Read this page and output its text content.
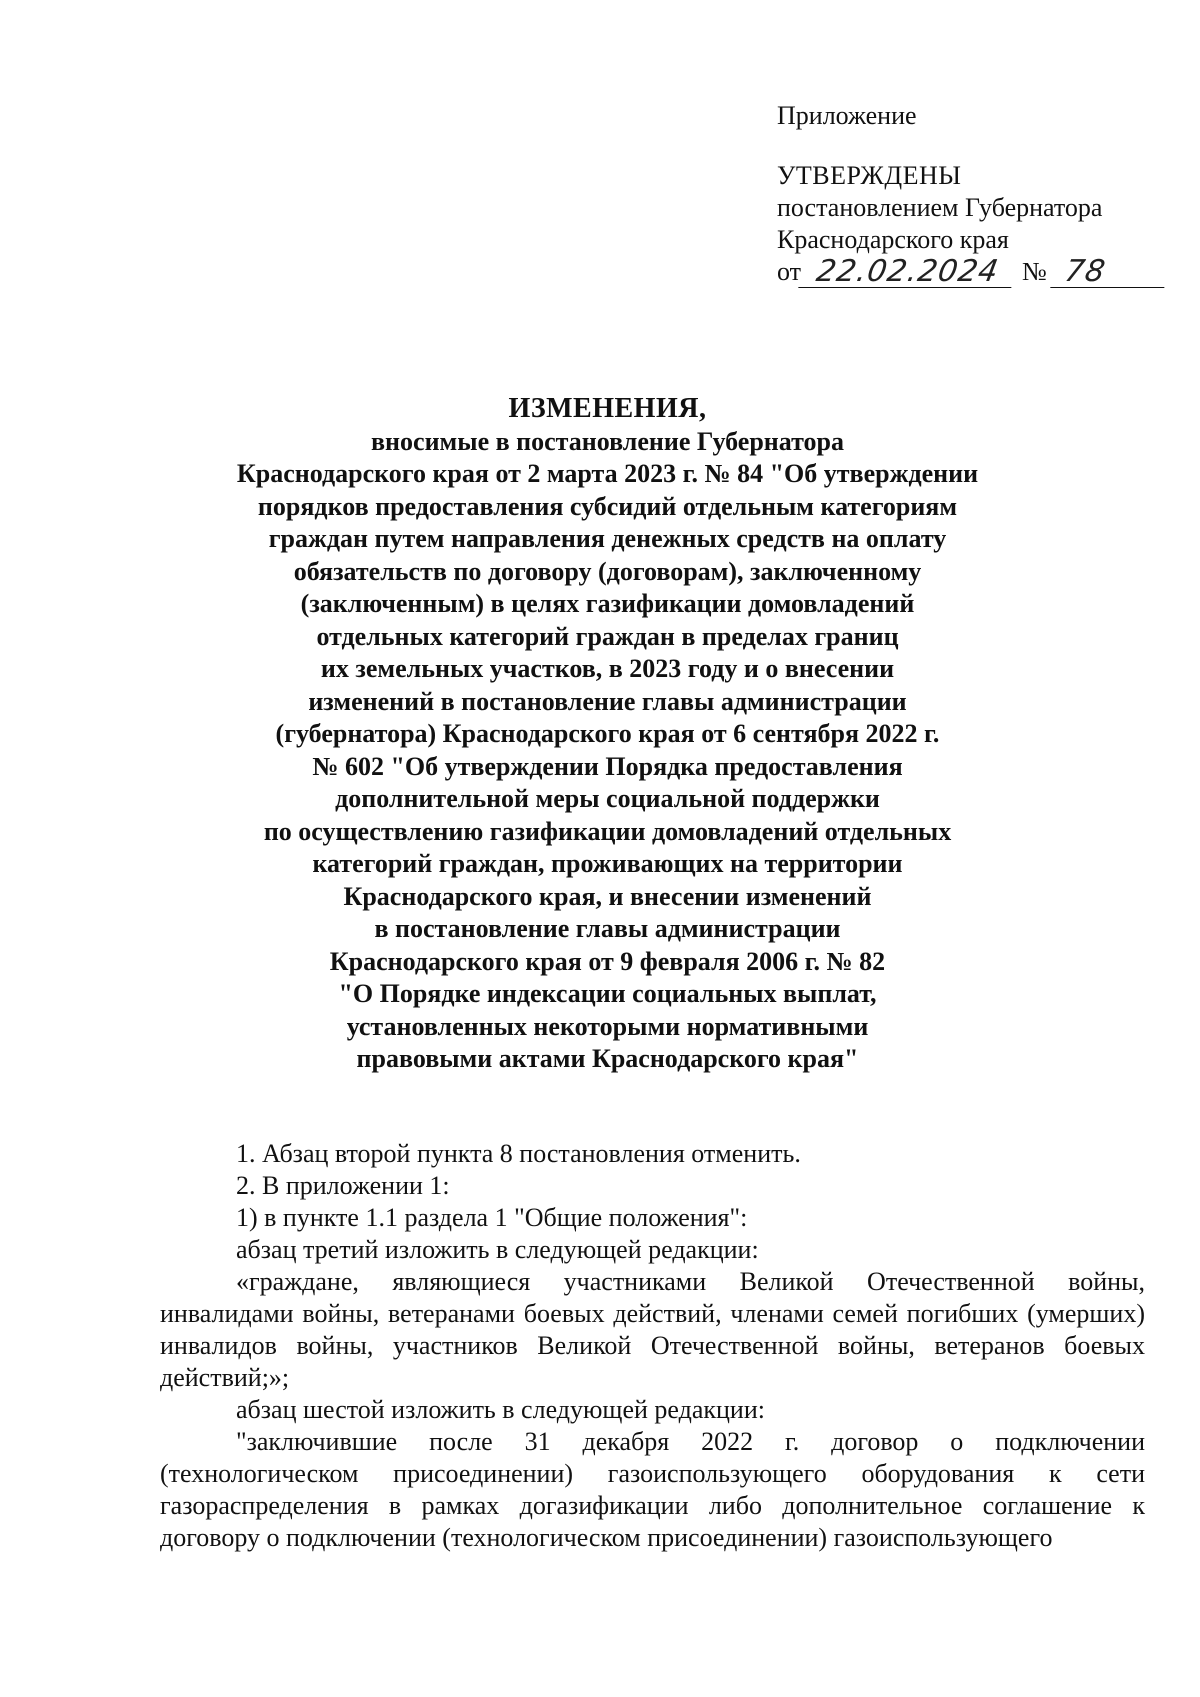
Приложение
УТВЕРЖДЕНЫ
постановлением Губернатора
Краснодарского края
от 22.02.2024 № 78
ИЗМЕНЕНИЯ,
вносимые в постановление Губернатора
Краснодарского края от 2 марта 2023 г. № 84 "Об утверждении
порядков предоставления субсидий отдельным категориям
граждан путем направления денежных средств на оплату
обязательств по договору (договорам), заключенному
(заключенным) в целях газификации домовладений
отдельных категорий граждан в пределах границ
их земельных участков, в 2023 году и о внесении
изменений в постановление главы администрации
(губернатора) Краснодарского края от 6 сентября 2022 г.
№ 602 "Об утверждении Порядка предоставления
дополнительной меры социальной поддержки
по осуществлению газификации домовладений отдельных
категорий граждан, проживающих на территории
Краснодарского края, и внесении изменений
в постановление главы администрации
Краснодарского края от 9 февраля 2006 г. № 82
"О Порядке индексации социальных выплат,
установленных некоторыми нормативными
правовыми актами Краснодарского края"

1. Абзац второй пункта 8 постановления отменить.

2. В приложении 1:

1) в пункте 1.1 раздела 1 "Общие положения":

абзац третий изложить в следующей редакции:

«граждане, являющиеся участниками Великой Отечественной войны, инвалидами войны, ветеранами боевых действий, членами семей погибших (умерших) инвалидов войны, участников Великой Отечественной войны, ветеранов боевых действий;»;

абзац шестой изложить в следующей редакции:

"заключившие после 31 декабря 2022 г. договор о подключении (технологическом присоединении) газоиспользующего оборудования к сети газораспределения в рамках догазификации либо дополнительное соглашение к договору о подключении (технологическом присоединении) газоиспользующего
